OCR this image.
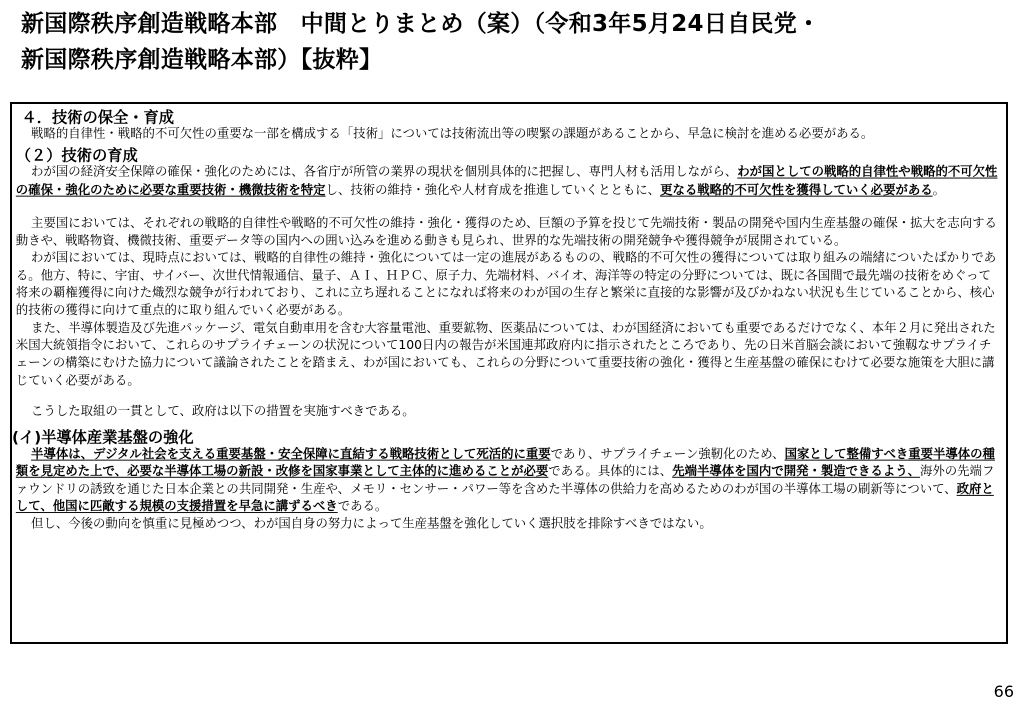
新国際秩序創造戦略本部　中間とりまとめ（案）（令和3年5月24日自民党・
新国際秩序創造戦略本部）【抜粋】
４．技術の保全・育成

戦略的自律性・戦略的不可欠性の重要な一部を構成する「技術」については技術流出等の喫緊の課題があることから、早急に検討を進める必要がある。

（２）技術の育成

わが国の経済安全保障の確保・強化のためには、各省庁が所管の業界の現状を個別具体的に把握し、専門人材も活用しながら、わが国としての戦略的自律性や戦略的不可欠性の確保・強化のために必要な重要技術・機微技術を特定し、技術の維持・強化や人材育成を推進していくとともに、更なる戦略的不可欠性を獲得していく必要がある。

主要国においては、それぞれの戦略的自律性や戦略的不可欠性の維持・強化・獲得のため、巨額の予算を投じて先端技術・製品の開発や国内生産基盤の確保・拡大を志向する動きや、戦略物資、機微技術、重要データ等の国内への囲い込みを進める動きも見られ、世界的な先端技術の開発競争や獲得競争が展開されている。

わが国においては、現時点においては、戦略的自律性の維持・強化については一定の進展があるものの、戦略的不可欠性の獲得については取り組みの端緒についたばかりである。他方、特に、宇宙、サイバー、次世代情報通信、量子、ＡＩ、ＨＰＣ、原子力、先端材料、バイオ、海洋等の特定の分野については、既に各国間で最先端の技術をめぐって将来の覇権獲得に向けた熾烈な競争が行われており、これに立ち遅れることになれば将来のわが国の生存と繁栄に直接的な影響が及びかねない状況も生じていることから、核心的技術の獲得に向けて重点的に取り組んでいく必要がある。

また、半導体製造及び先進パッケージ、電気自動車用を含む大容量電池、重要鉱物、医薬品については、わが国経済においても重要であるだけでなく、本年２月に発出された米国大統領指令において、これらのサプライチェーンの状況について100日内の報告が米国連邦政府内に指示されたところであり、先の日米首脳会談において強靱なサプライチェーンの構築にむけた協力について議論されたことを踏まえ、わが国においても、これらの分野について重要技術の強化・獲得と生産基盤の確保にむけて必要な施策を大胆に講じていく必要がある。

こうした取組の一貫として、政府は以下の措置を実施すべきである。

(イ)半導体産業基盤の強化

半導体は、デジタル社会を支える重要基盤・安全保障に直結する戦略技術として死活的に重要であり、サプライチェーン強靭化のため、国家として整備すべき重要半導体の種類を見定めた上で、必要な半導体工場の新設・改修を国家事業として主体的に進めることが必要である。具体的には、先端半導体を国内で開発・製造できるよう、海外の先端ファウンドリの誘致を通じた日本企業との共同開発・生産や、メモリ・センサー・パワー等を含めた半導体の供給力を高めるためのわが国の半導体工場の刷新等について、政府として、他国に匹敵する規模の支援措置を早急に講ずるべきである。

但し、今後の動向を慎重に見極めつつ、わが国自身の努力によって生産基盤を強化していく選択肢を排除すべきではない。

66
